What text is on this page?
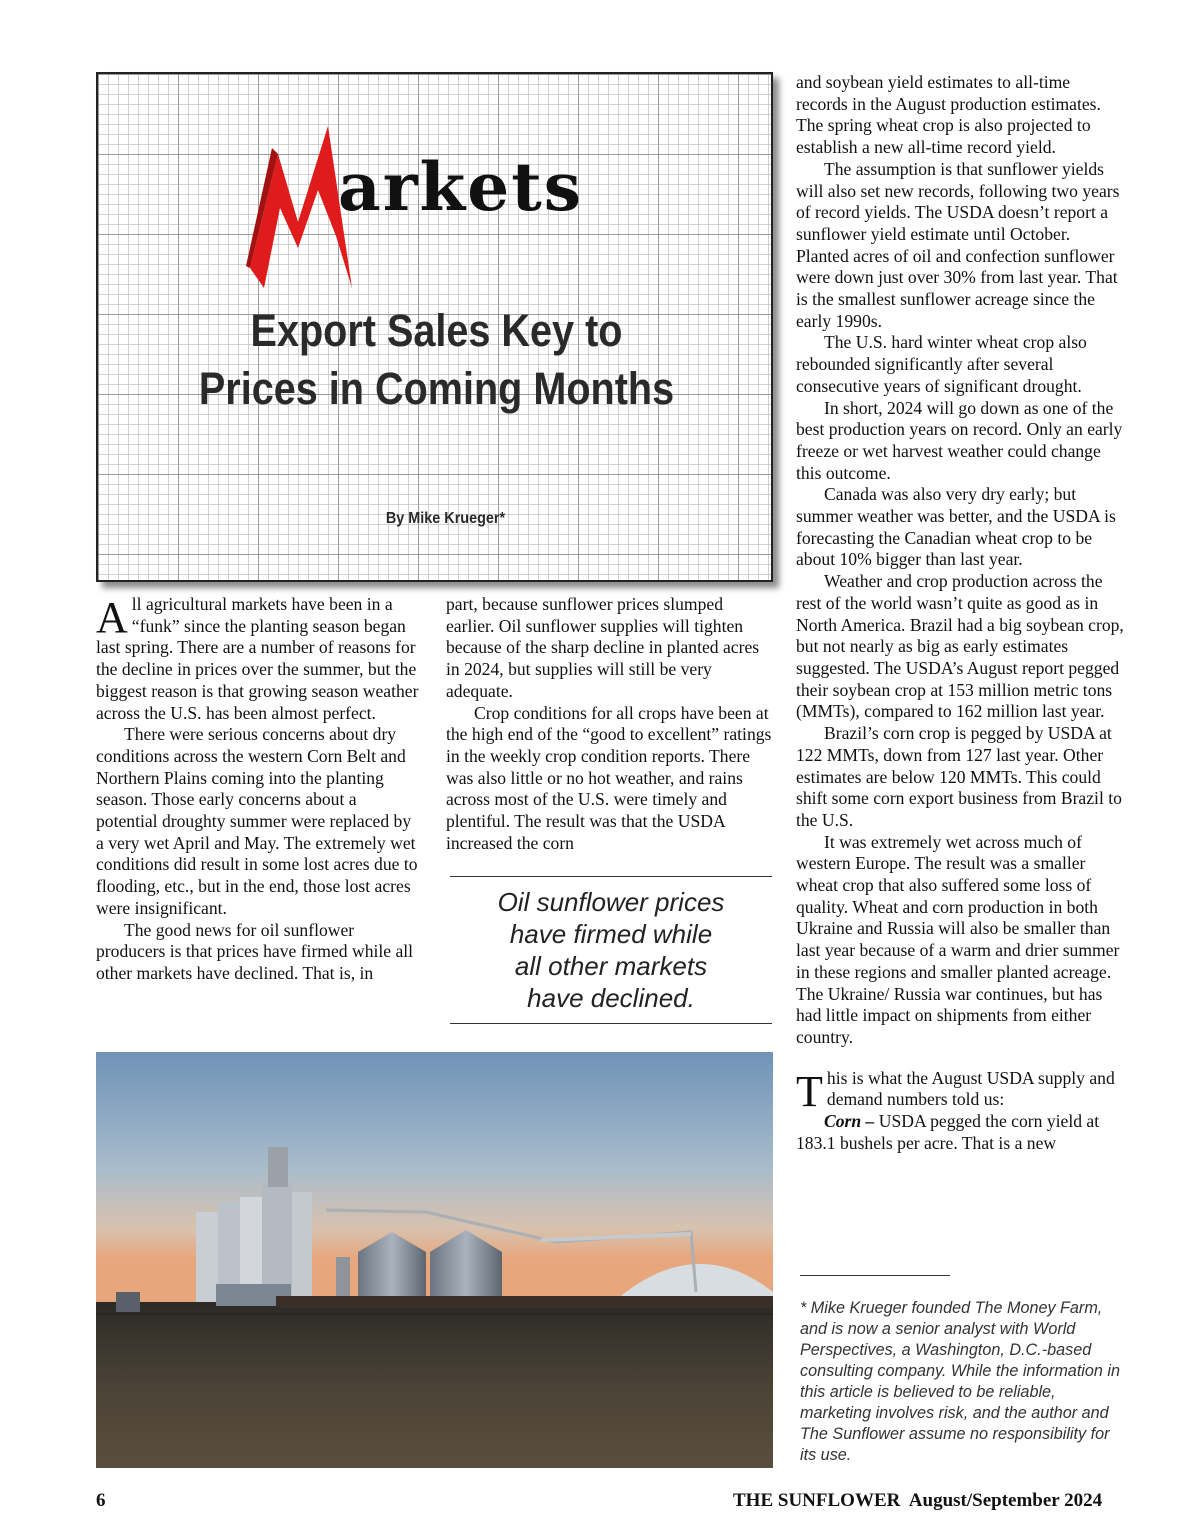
M
arkets
Export Sales Key to
Prices in Coming Months
By Mike Krueger*

All agricultural markets have been in a “funk” since the planting season began last spring. There are a number of reasons for the decline in prices over the summer, but the biggest reason is that growing season weather across the U.S. has been almost perfect.

There were serious concerns about dry conditions across the western Corn Belt and Northern Plains coming into the planting season. Those early concerns about a potential droughty summer were replaced by a very wet April and May. The extremely wet conditions did result in some lost acres due to flooding, etc., but in the end, those lost acres were insignificant.

The good news for oil sunflower producers is that prices have firmed while all other markets have declined. That is, in

part, because sunflower prices slumped earlier. Oil sunflower supplies will tighten because of the sharp decline in planted acres in 2024, but supplies will still be very adequate.

Crop conditions for all crops have been at the high end of the “good to excellent” ratings in the weekly crop condition reports. There was also little or no hot weather, and rains across most of the U.S. were timely and plentiful. The result was that the USDA increased the corn

Oil sunflower prices
have firmed while
all other markets
have declined.

and soybean yield estimates to all-time records in the August production estimates. The spring wheat crop is also projected to establish a new all-time record yield.

The assumption is that sunflower yields will also set new records, following two years of record yields. The USDA doesn’t report a sunflower yield estimate until October. Planted acres of oil and confection sunflower were down just over 30% from last year. That is the smallest sunflower acreage since the early 1990s.

The U.S. hard winter wheat crop also rebounded significantly after several consecutive years of significant drought.

In short, 2024 will go down as one of the best production years on record. Only an early freeze or wet harvest weather could change this outcome.

Canada was also very dry early; but summer weather was better, and the USDA is forecasting the Canadian wheat crop to be about 10% bigger than last year.

Weather and crop production across the rest of the world wasn’t quite as good as in North America. Brazil had a big soybean crop, but not nearly as big as early estimates suggested. The USDA’s August report pegged their soybean crop at 153 million metric tons (MMTs), compared to 162 million last year.

Brazil’s corn crop is pegged by USDA at 122 MMTs, down from 127 last year. Other estimates are below 120 MMTs. This could shift some corn export business from Brazil to the U.S.

It was extremely wet across much of western Europe. The result was a smaller wheat crop that also suffered some loss of quality. Wheat and corn production in both Ukraine and Russia will also be smaller than last year because of a warm and drier summer in these regions and smaller planted acreage. The Ukraine/ Russia war continues, but has had little impact on shipments from either country.

This is what the August USDA supply and demand numbers told us:

Corn – USDA pegged the corn yield at 183.1 bushels per acre. That is a new

* Mike Krueger founded The Money Farm, and is now a senior analyst with World Perspectives, a Washington, D.C.-based consulting company. While the information in this article is believed to be reliable, marketing involves risk, and the author and The Sunflower assume no responsibility for its use.
6	THE SUNFLOWER  August/September 2024
